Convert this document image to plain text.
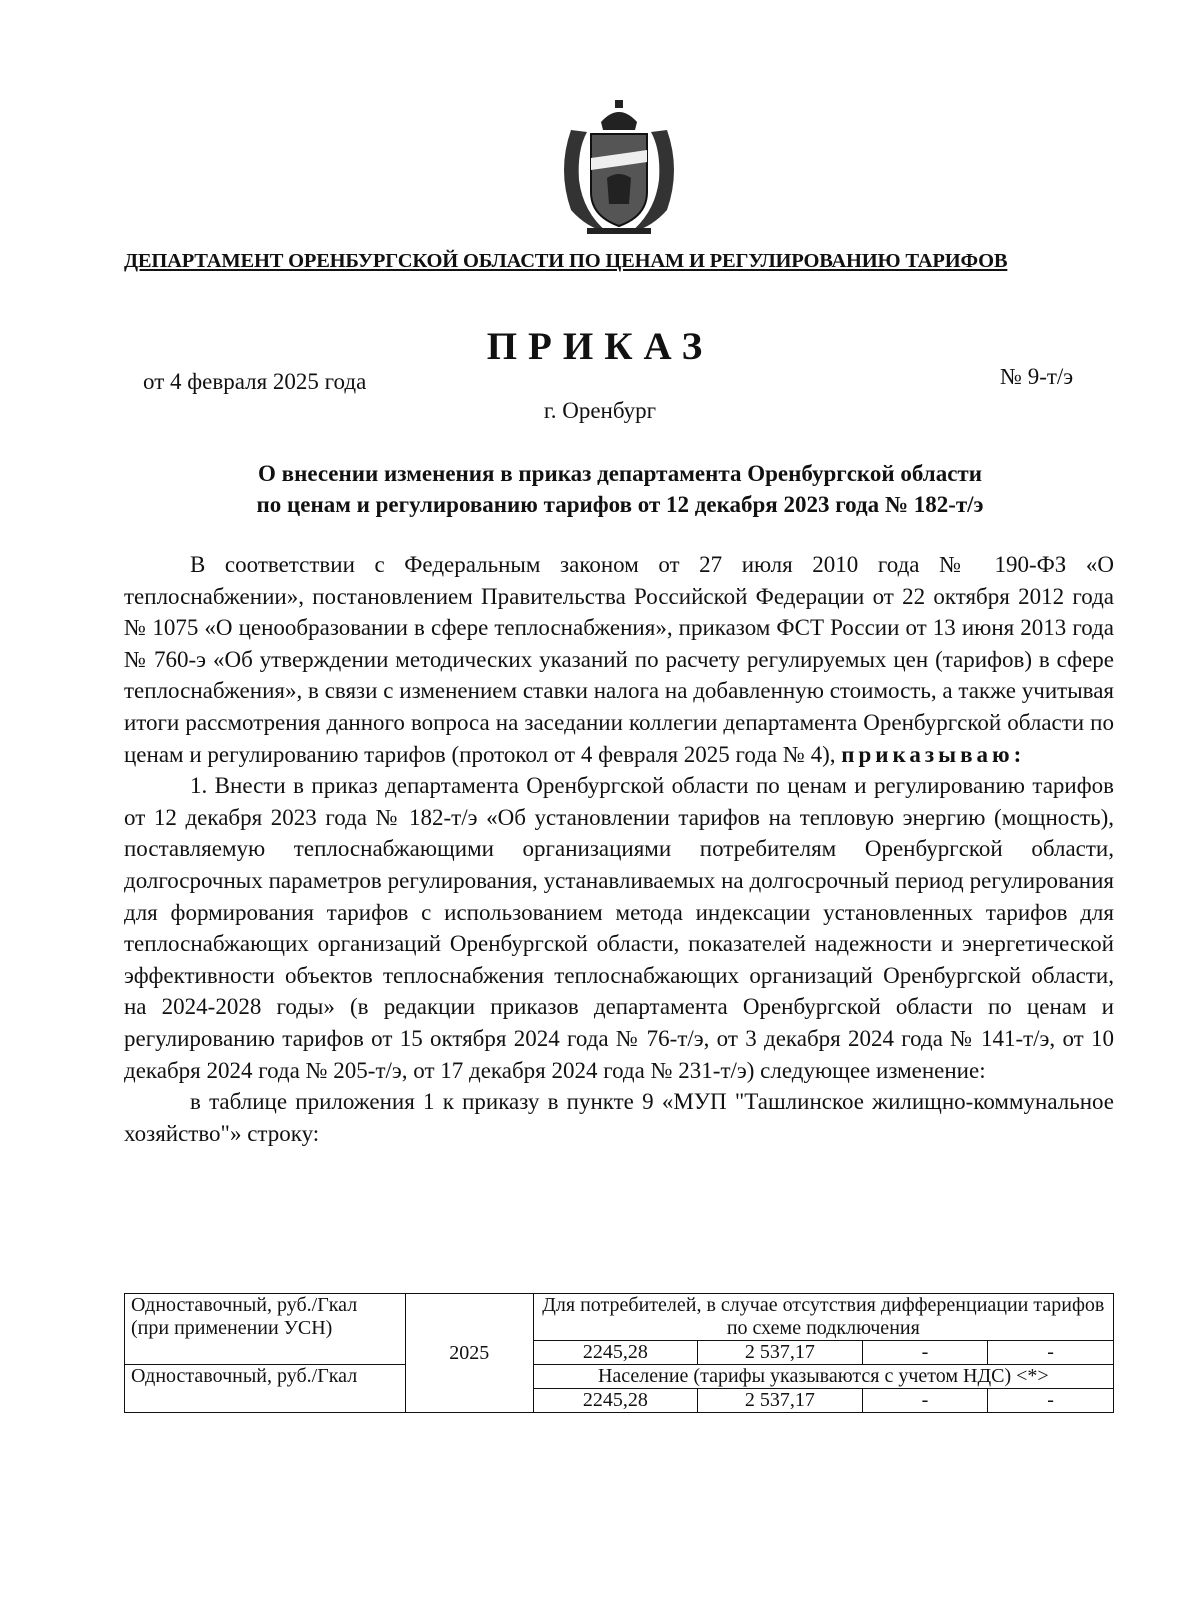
ДЕПАРТАМЕНТ ОРЕНБУРГСКОЙ ОБЛАСТИ ПО ЦЕНАМ И РЕГУЛИРОВАНИЮ ТАРИФОВ
ПРИКАЗ
от 4 февраля 2025 года	№ 9-т/э
г. Оренбург
О внесении изменения в приказ департамента Оренбургской области
по ценам и регулированию тарифов от 12 декабря 2023 года № 182-т/э

В соответствии с Федеральным законом от 27 июля 2010 года № 190-ФЗ «О теплоснабжении», постановлением Правительства Российской Федерации от 22 октября 2012 года № 1075 «О ценообразовании в сфере теплоснабжения», приказом ФСТ России от 13 июня 2013 года № 760-э «Об утверждении методических указаний по расчету регулируемых цен (тарифов) в сфере теплоснабжения», в связи с изменением ставки налога на добавленную стоимость, а также учитывая итоги рассмотрения данного вопроса на заседании коллегии департамента Оренбургской области по ценам и регулированию тарифов (протокол от 4 февраля 2025 года № 4), приказываю:

1. Внести в приказ департамента Оренбургской области по ценам и регулированию тарифов от 12 декабря 2023 года № 182-т/э «Об установлении тарифов на тепловую энергию (мощность), поставляемую теплоснабжающими организациями потребителям Оренбургской области, долгосрочных параметров регулирования, устанавливаемых на долгосрочный период регулирования для формирования тарифов с использованием метода индексации установленных тарифов для теплоснабжающих организаций Оренбургской области, показателей надежности и энергетической эффективности объектов теплоснабжения теплоснабжающих организаций Оренбургской области, на 2024-2028 годы» (в редакции приказов департамента Оренбургской области по ценам и регулированию тарифов от 15 октября 2024 года № 76-т/э, от 3 декабря 2024 года № 141-т/э, от 10 декабря 2024 года № 205-т/э, от 17 декабря 2024 года № 231-т/э) следующее изменение:

в таблице приложения 1 к приказу в пункте 9 «МУП "Ташлинское жилищно-коммунальное хозяйство"» строку:

Одноставочный, руб./Гкал (при применении УСН)	2025	Для потребителей, в случае отсутствия дифференциации тарифов по схеме подключения			

		2245,28	2 537,17	-	-
Одноставочный, руб./Гкал		Население (тарифы указываются с учетом НДС) <*>			
		2245,28	2 537,17	-	-
